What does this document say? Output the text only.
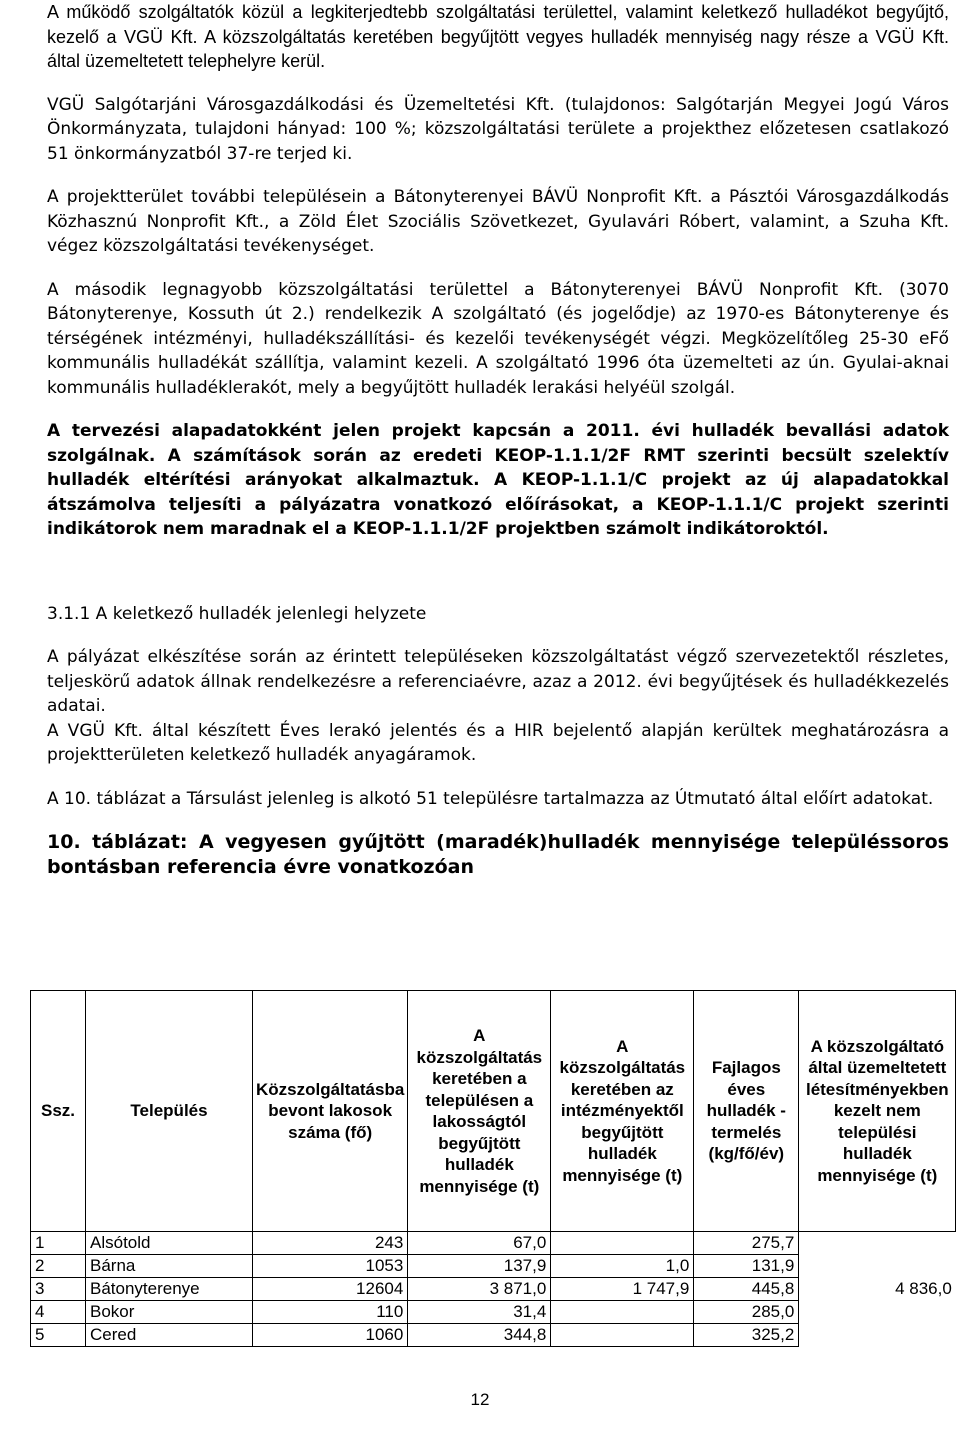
A működő szolgáltatók közül a legkiterjedtebb szolgáltatási területtel, valamint keletkező hulladékot begyűjtő, kezelő a VGÜ Kft. A közszolgáltatás keretében begyűjtött vegyes hulladék mennyiség nagy része a VGÜ Kft. által üzemeltetett telephelyre kerül.

VGÜ Salgótarjáni Városgazdálkodási és Üzemeltetési Kft. (tulajdonos: Salgótarján Megyei Jogú Város Önkormányzata, tulajdoni hányad: 100 %; közszolgáltatási területe a projekthez előzetesen csatlakozó 51 önkormányzatból 37-re terjed ki.

A projektterület további településein a Bátonyterenyei BÁVÜ Nonprofit Kft. a Pásztói Városgazdálkodás Közhasznú Nonprofit Kft., a Zöld Élet Szociális Szövetkezet, Gyulavári Róbert, valamint, a Szuha Kft. végez közszolgáltatási tevékenységet.

A második legnagyobb közszolgáltatási területtel a Bátonyterenyei BÁVÜ Nonprofit Kft. (3070 Bátonyterenye, Kossuth út 2.) rendelkezik A szolgáltató (és jogelődje) az 1970-es Bátonyterenye és térségének intézményi, hulladékszállítási- és kezelői tevékenységét végzi. Megközelítőleg 25-30 eFő kommunális hulladékát szállítja, valamint kezeli. A szolgáltató 1996 óta üzemelteti az ún. Gyulai-aknai kommunális hulladéklerakót, mely a begyűjtött hulladék lerakási helyéül szolgál.

A tervezési alapadatokként jelen projekt kapcsán a 2011. évi hulladék bevallási adatok szolgálnak. A számítások során az eredeti KEOP-1.1.1/2F RMT szerinti becsült szelektív hulladék eltérítési arányokat alkalmaztuk. A KEOP-1.1.1/C projekt az új alapadatokkal átszámolva teljesíti a pályázatra vonatkozó előírásokat, a KEOP-1.1.1/C projekt szerinti indikátorok nem maradnak el a KEOP-1.1.1/2F projektben számolt indikátoroktól.

3.1.1 A keletkező hulladék jelenlegi helyzete

A pályázat elkészítése során az érintett településeken közszolgáltatást végző szervezetektől részletes, teljeskörű adatok állnak rendelkezésre a referenciaévre, azaz a 2012. évi begyűjtések és hulladékkezelés adatai.

A VGÜ Kft. által készített Éves lerakó jelentés és a HIR bejelentő alapján kerültek meghatározásra a projektterületen keletkező hulladék anyagáramok.

A 10. táblázat a Társulást jelenleg is alkotó 51 településre tartalmazza az Útmutató által előírt adatokat.

10. táblázat: A vegyesen gyűjtött (maradék)hulladék mennyisége településsoros bontásban referencia évre vonatkozóan

Ssz.	Település	Közszolgáltatásba bevont lakosok száma (fő)	A közszolgáltatás keretében a településen a lakosságtól begyűjtött hulladék mennyisége (t)	A közszolgáltatás keretében az intézményektől begyűjtött hulladék mennyisége (t)	Fajlagos éves hulladék -termelés (kg/fő/év)	A közszolgáltató által üzemeltetett létesítményekben kezelt nem települési hulladék mennyisége (t)
1	Alsótold	243	67,0		275,7	
2	Bárna	1053	137,9	1,0	131,9	
3	Bátonyterenye	12604	3 871,0	1 747,9	445,8	4 836,0
4	Bokor	110	31,4		285,0	
5	Cered	1060	344,8		325,2	
12
